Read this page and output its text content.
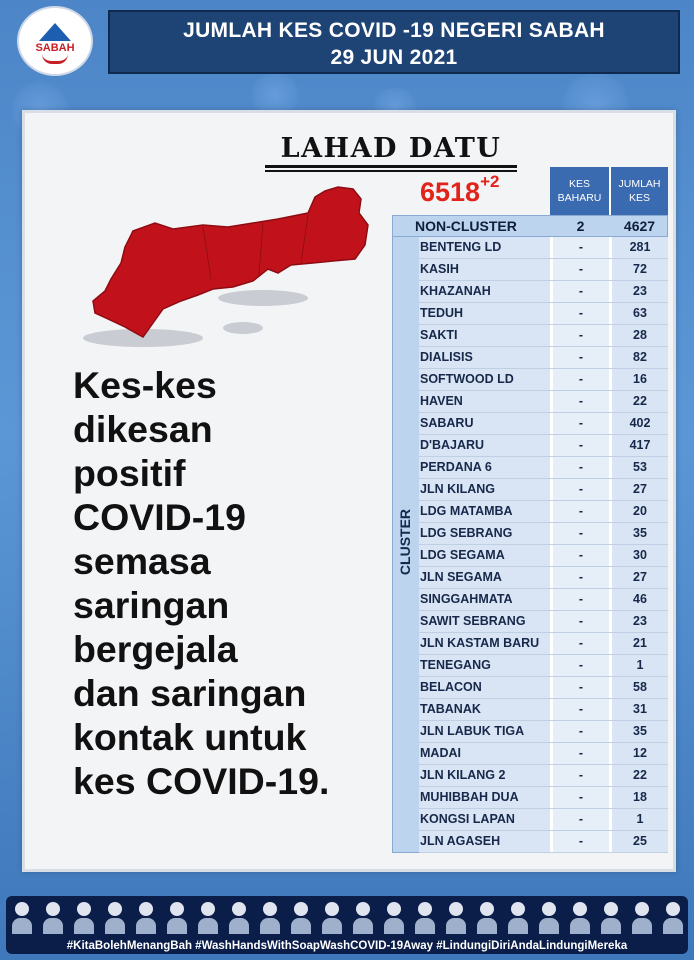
SABAH
JUMLAH KES COVID -19 NEGERI SABAH
29 JUN 2021
LAHAD DATU
$6518^{+2}$
Kes-kes
dikesan
positif
COVID-19
semasa
saringan
bergejala
dan saringan
kontak untuk
kes COVID-19.
KES BAHARU
JUMLAH KES
NON-CLUSTER	2	4627
CLUSTER
BENTENG LD	-	281
KASIH	-	72
KHAZANAH	-	23
TEDUH	-	63
SAKTI	-	28
DIALISIS	-	82
SOFTWOOD LD	-	16
HAVEN	-	22
SABARU	-	402
D'BAJARU	-	417
PERDANA 6	-	53
JLN KILANG	-	27
LDG MATAMBA	-	20
LDG SEBRANG	-	35
LDG SEGAMA	-	30
JLN SEGAMA	-	27
SINGGAHMATA	-	46
SAWIT SEBRANG	-	23
JLN KASTAM BARU	-	21
TENEGANG	-	1
BELACON	-	58
TABANAK	-	31
JLN LABUK TIGA	-	35
MADAI	-	12
JLN KILANG 2	-	22
MUHIBBAH DUA	-	18
KONGSI LAPAN	-	1
JLN AGASEH	-	25
#KitaBolehMenangBah #WashHandsWithSoapWashCOVID-19Away #LindungiDiriAndaLindungiMereka
